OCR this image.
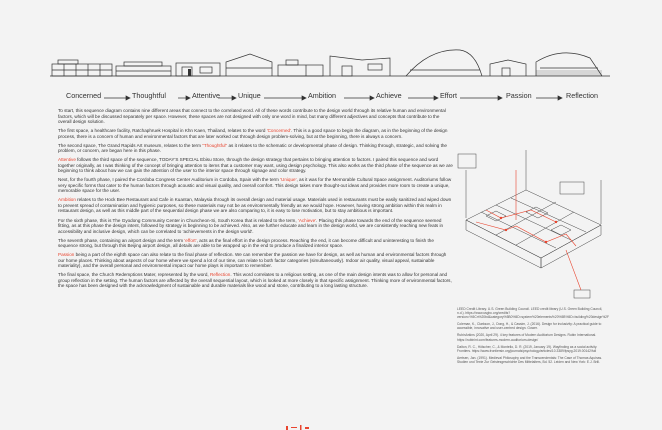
Concerned	Thoughtful	Attentive	Unique	Ambition	Achieve	Effort	Passion	Reflection

To start, this sequence diagram contains nine different areas that connect to the correlated word. All of these words contribute to the design world through its relative human and environmental factors, which will be discussed separately per space. However, these spaces are not designed with only one word in mind, but many different adjectives and concepts that contribute to the overall design solution.

The first space, a healthcare facility, Ratchaphruek Hospital in Khn Kaen, Thailand, relates to the word 'Concerned'. This is a good space to begin the diagram, as in the beginning of the design process, there is a concern of human and environmental factors that are later worked out through design problem-solving, but at the beginning, there is always a concern.

The second space, The Grand Rapids Art museum, relates to the term "Thoughtful" as it relates to the schematic or developmental phase of design. Thinking through, strategic, and solving the problem, or concern, are began here in this phase.

Attentive follows the third space of the sequence, TODAY'S SPECIAL Ebisu Store, through the design strategy that pertains to bringing attention to factors. I paired this sequence and word together originally, as I was thinking of the concept of bringing attention to items that a customer may want, using design psychology. This also works as the third phase of the sequence as we are beginning to think about how we can gain the attention of the user to the interior space through signage and color strategy.

Next, for the fourth phase, I paired the Cordoba Congress Center Auditorium in Cordoba, Spain with the term 'Unique', as it was for the Memorable Cultural Space assignment. Auditoriums follow very specific forms that cater to the human factors through acoustic and visual quality, and overall comfort. This design takes more thought-out ideas and provides more room to create a unique, memorable space for the user.

Ambition relates to the Hock Bee Restaurant and Cafe in Kuantan, Malaysia through its overall design and material usage. Materials used in restaurants must be easily sanitized and wiped down to prevent spread of contamination and hygienic purposes, so these materials may not be as environmentally friendly as we would hope. However, having strong ambition within this realm in restaurant design, as well as this middle part of the sequential design phase we are also comparing to, it is easy to lose motivation, but to stay ambitious is important.

For the sixth phase, this is The Gyodong Community Center in Chuncheon-Si, South Korea that is related to the term, 'Achieve'. Placing this phase towards the end of the sequence seemed fitting, as at this phase the design intent, followed by strategy is beginning to be achieved. Also, as we further educate and learn in the design world, we are consistently reaching new feats in accessibility and inclusive design, which can be correlated to 'achievements in the design world'.

The seventh phase, containing an airport design and the term 'effort', acts as the final effort in the design process. Reaching the end, it can become difficult and uninteresting to finish the sequence strong, but through this Beijing airport design, all details are able to be wrapped up in the end to produce a finalized interior space.

Passion being a part of the eighth space can also relate to the final phase of reflection. We can remember the passion we have for design, as well as human and environmental factors through our home places. Thinking about aspects of our home where we spend a lot of our time, can relate to both factor categories (simultaneously). Indoor air quality, visual appeal, sustainable materiality), and the overall personal and environmental impact our home plays is important to remember.

The final space, the Church Redemptions Mater, represented by the word, Reflection. This word correlates to a religious setting, as one of the main design intents was to allow for personal and group reflection in the setting. The human factors are affected by the overall sequential layout, which is looked at more closely in that specific assignment. Thinking more of environmental factors, the space has been designed with the acknowledgment of sustainable and durable materials like wood and stone, contributing to a long lasting structure.

LEED Credit Library. U.S. Green Building Council. LEED credit library (U.S. Green Building Council, n.d.). https://www.usgbc.org/credits?version=%5Cn%20bd&category%5B0%5D=system%20elements%20%5B%5D=building%20design%2F

Coleman, K., Clarkson, J., Dong, H., & Cassim, J. (2016). Design for inclusivity: A practical guide to accessible, innovative and user-centred design. Gower.

RubinArkins (2020, April 29). 4 key features of Modern Auditorium Designs. Rubin International. https://rubinint.com/features-modern-auditorium-design/

Dalton, R. C., Hölscher, C., & Montello, D. R. (2019, January 19). Wayfinding as a social activity. Frontiers. https://www.frontiersin.org/journals/psychology/articles/10.3389/fpsyg.2019.00142/full

Aertsen, Jan. (1991). Medieval Philosophy and the Transcendentals: The Case of Thomas Aquinas. Studien und Texte Zur Geistesgeschichte Des Mittelalters, Bd. 52. Leiden and New York: E.J. Brill.
